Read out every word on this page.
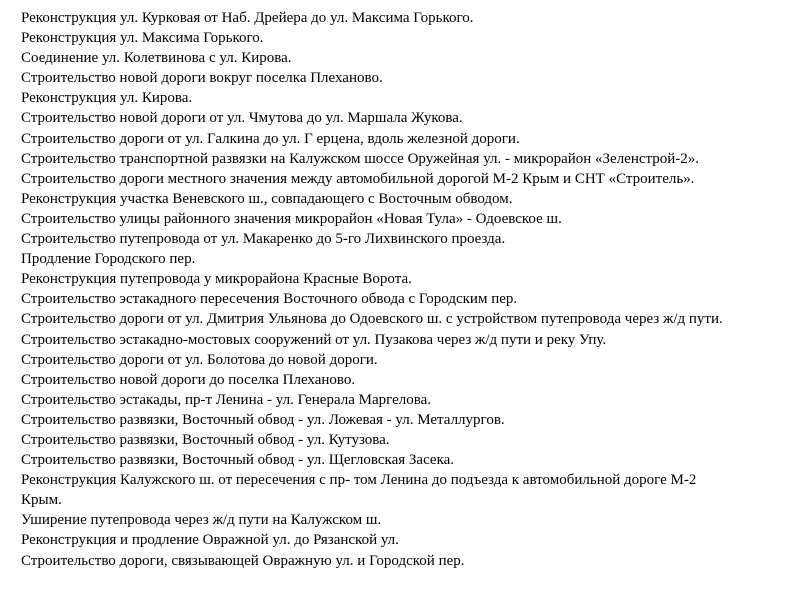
Реконструкция ул. Курковая от Наб. Дрейера до ул. Максима Горького.

Реконструкция ул. Максима Горького.

Соединение ул. Колетвинова с ул. Кирова.

Строительство новой дороги вокруг поселка Плеханово.

Реконструкция ул. Кирова.

Строительство новой дороги от ул. Чмутова до ул. Маршала Жукова.

Строительство дороги от ул. Галкина до ул. Г ерцена, вдоль железной дороги.

Строительство транспортной развязки на Калужском шоссе Оружейная ул. - микрорайон «Зеленстрой-2».

Строительство дороги местного значения между автомобильной дорогой М-2 Крым и СНТ «Строитель».

Реконструкция участка Веневского ш., совпадающего с Восточным обводом.

Строительство улицы районного значения микрорайон «Новая Тула» - Одоевское ш.

Строительство путепровода от ул. Макаренко до 5-го Лихвинского проезда.

Продление Городского пер.

Реконструкция путепровода у микрорайона Красные Ворота.

Строительство эстакадного пересечения Восточного обвода с Городским пер.

Строительство дороги от ул. Дмитрия Ульянова до Одоевского ш. с устройством путепровода через ж/д пути.

Строительство эстакадно-мостовых сооружений от ул. Пузакова через ж/д пути и реку Упу.

Строительство дороги от ул. Болотова до новой дороги.

Строительство новой дороги до поселка Плеханово.

Строительство эстакады, пр-т Ленина - ул. Генерала Маргелова.

Строительство развязки, Восточный обвод - ул. Ложевая - ул. Металлургов.

Строительство развязки, Восточный обвод - ул. Кутузова.

Строительство развязки, Восточный обвод - ул. Щегловская Засека.

Реконструкция Калужского ш. от пересечения с пр- том Ленина до подъезда к автомобильной дороге М-2

Крым.

Уширение путепровода через ж/д пути на Калужском ш.

Реконструкция и продление Овражной ул. до Рязанской ул.

Строительство дороги, связывающей Овражную ул. и Городской пер.
